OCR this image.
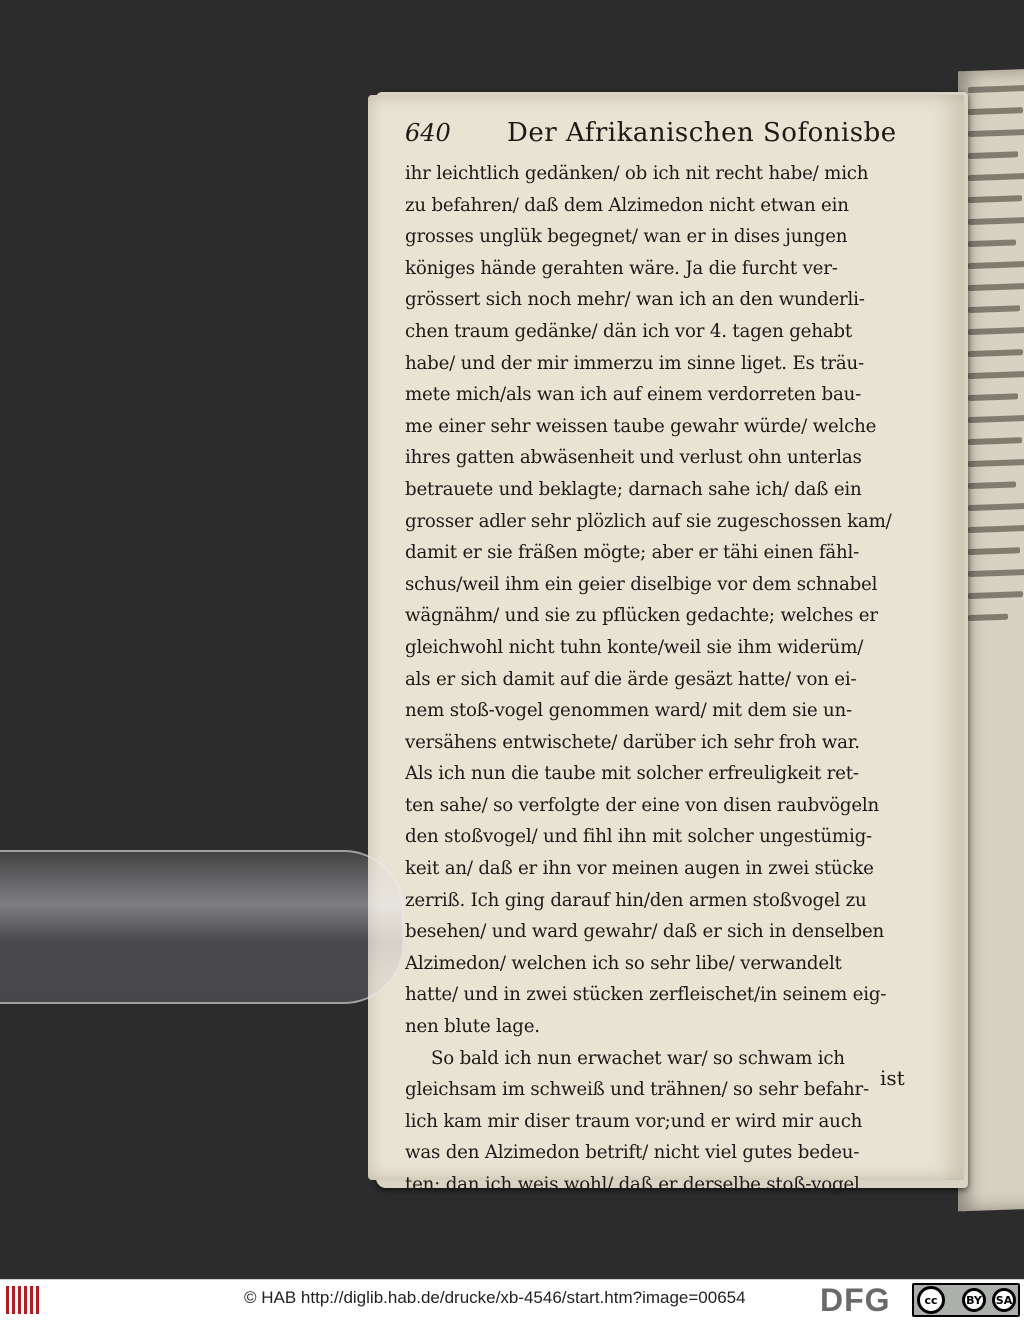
640	Der Afrikanischen Sofonisbe
ihr leichtlich gedänken/ ob ich nit recht habe/ mich
zu befahren/ daß dem Alzimedon nicht etwan ein
grosses unglük begegnet/ wan er in dises jungen
königes hände gerahten wäre. Ja die furcht ver-
grössert sich noch mehr/ wan ich an den wunderli-
chen traum gedänke/ dän ich vor 4. tagen gehabt
habe/ und der mir immerzu im sinne liget. Es träu-
mete mich/als wan ich auf einem verdorreten bau-
me einer sehr weissen taube gewahr würde/ welche
ihres gatten abwäsenheit und verlust ohn unterlas
betrauete und beklagte; darnach sahe ich/ daß ein
grosser adler sehr plözlich auf sie zugeschossen kam/
damit er sie fräßen mögte; aber er tähi einen fähl-
schus/weil ihm ein geier diselbige vor dem schnabel
wägnähm/ und sie zu pflücken gedachte; welches er
gleichwohl nicht tuhn konte/weil sie ihm widerüm/
als er sich damit auf die ärde gesäzt hatte/ von ei-
nem stoß-vogel genommen ward/ mit dem sie un-
versähens entwischete/ darüber ich sehr froh war.
Als ich nun die taube mit solcher erfreuligkeit ret-
ten sahe/ so verfolgte der eine von disen raubvögeln
den stoßvogel/ und fihl ihn mit solcher ungestümig-
keit an/ daß er ihn vor meinen augen in zwei stücke
zerriß. Ich ging darauf hin/den armen stoßvogel zu
besehen/ und ward gewahr/ daß er sich in denselben
Alzimedon/ welchen ich so sehr libe/ verwandelt
hatte/ und in zwei stücken zerfleischet/in seinem eig-
nen blute lage.
So bald ich nun erwachet war/ so schwam ich
gleichsam im schweiß und trähnen/ so sehr befahr-
lich kam mir diser traum vor;und er wird mir auch
was den Alzimedon betrift/ nicht viel gutes bedeu-
ten; dan ich weis wohl/ daß er derselbe stoß-vogel
ist
© HAB http://diglib.hab.de/drucke/xb-4546/start.htm?image=00654 DFG	cc	BY	SA
